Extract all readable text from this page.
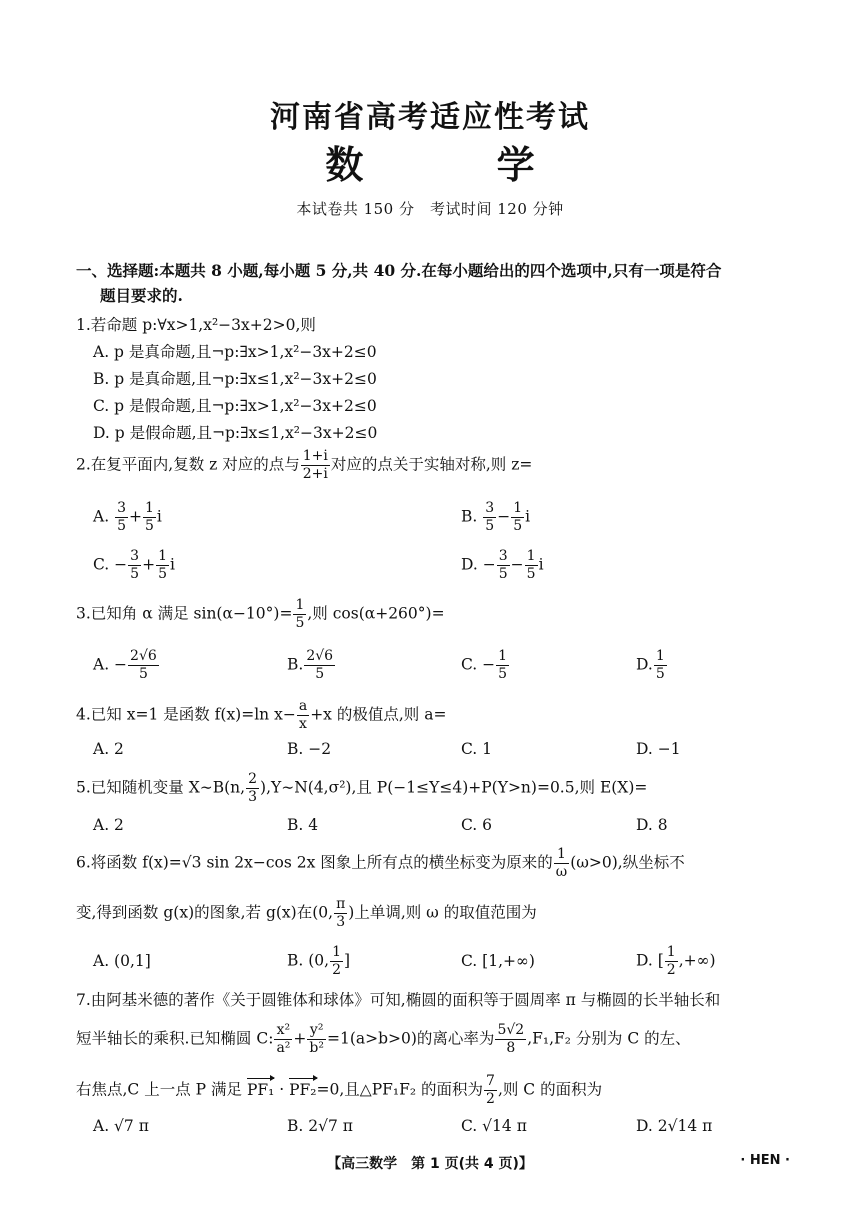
河南省高考适应性考试
数 学
本试卷共 150 分　考试时间 120 分钟
一、选择题:本题共 8 小题,每小题 5 分,共 40 分.在每小题给出的四个选项中,只有一项是符合
题目要求的.
1.若命题 p:∀x>1,x²−3x+2>0,则
A. p 是真命题,且¬p:∃x>1,x²−3x+2≤0
B. p 是真命题,且¬p:∃x≤1,x²−3x+2≤0
C. p 是假命题,且¬p:∃x>1,x²−3x+2≤0
D. p 是假命题,且¬p:∃x≤1,x²−3x+2≤0
2.在复平面内,复数 z 对应的点与 $\frac{1+i}{2+i}$ 对应的点关于实轴对称,则 z=
A. $\frac{3}{5} + \frac{1}{5}$ i	B. $\frac{3}{5} - \frac{1}{5}$ i
C. − $\frac{3}{5} + \frac{1}{5}$ i	D. − $\frac{3}{5} - \frac{1}{5}$ i
3.已知角 α 满足 $\sin(\alpha-10^\circ)= \frac{1}{5}$ ,则 cos(α+260°)=
A. − $\frac{2√6}{5}$	B. $\frac{2√6}{5}$	C. − $\frac{1}{5}$	D. $\frac{1}{5}$
4.已知 x=1 是函数 f(x)=ln $x- \frac{a}{x} +x$ 的极值点,则 a=
A. 2	B. −2	C. 1	D. −1
5.已知随机变量 X∼B(n, $\frac{2}{3}$ ),Y∼N(4,σ²),且 P(−1≤Y≤4)+P(Y>n)=0.5,则 E(X)=
A. 2	B. 4	C. 6	D. 8
6.将函数 f(x)=√3 sin 2x−cos 2x 图象上所有点的横坐标变为原来的 $\frac{1}{\omega} (\omega>0)$,纵坐标不
变,得到函数 g(x)的图象,若 g(x)在(0, $\frac{\pi}{3}$ )上单调,则 ω 的取值范围为
A. (0,1]	B. (0, $\frac{1}{2}$ ]	C. [1,+∞)	D. [ $\frac{1}{2}$ ,+∞)
7.由阿基米德的著作《关于圆锥体和球体》可知,椭圆的面积等于圆周率 π 与椭圆的长半轴长和
短半轴长的乘积.已知椭圆 C: $\frac{\text{x²}}{\text{a²}} + \frac{\text{y²}}{\text{b²}} =1(a>b>0)$的离心率为 $\frac{5√2}{8} ,F_1,F_2$ 分别为 C 的左、
右焦点,C 上一点 P 满足 PF₁ · PF₂=0,且△PF₁F₂ 的面积为 $\frac{7}{2}$ ,则 C 的面积为
A. √7 π	B. 2√7 π	C. √14 π	D. 2√14 π
【高三数学　第 1 页(共 4 页)】	· HEN ·
